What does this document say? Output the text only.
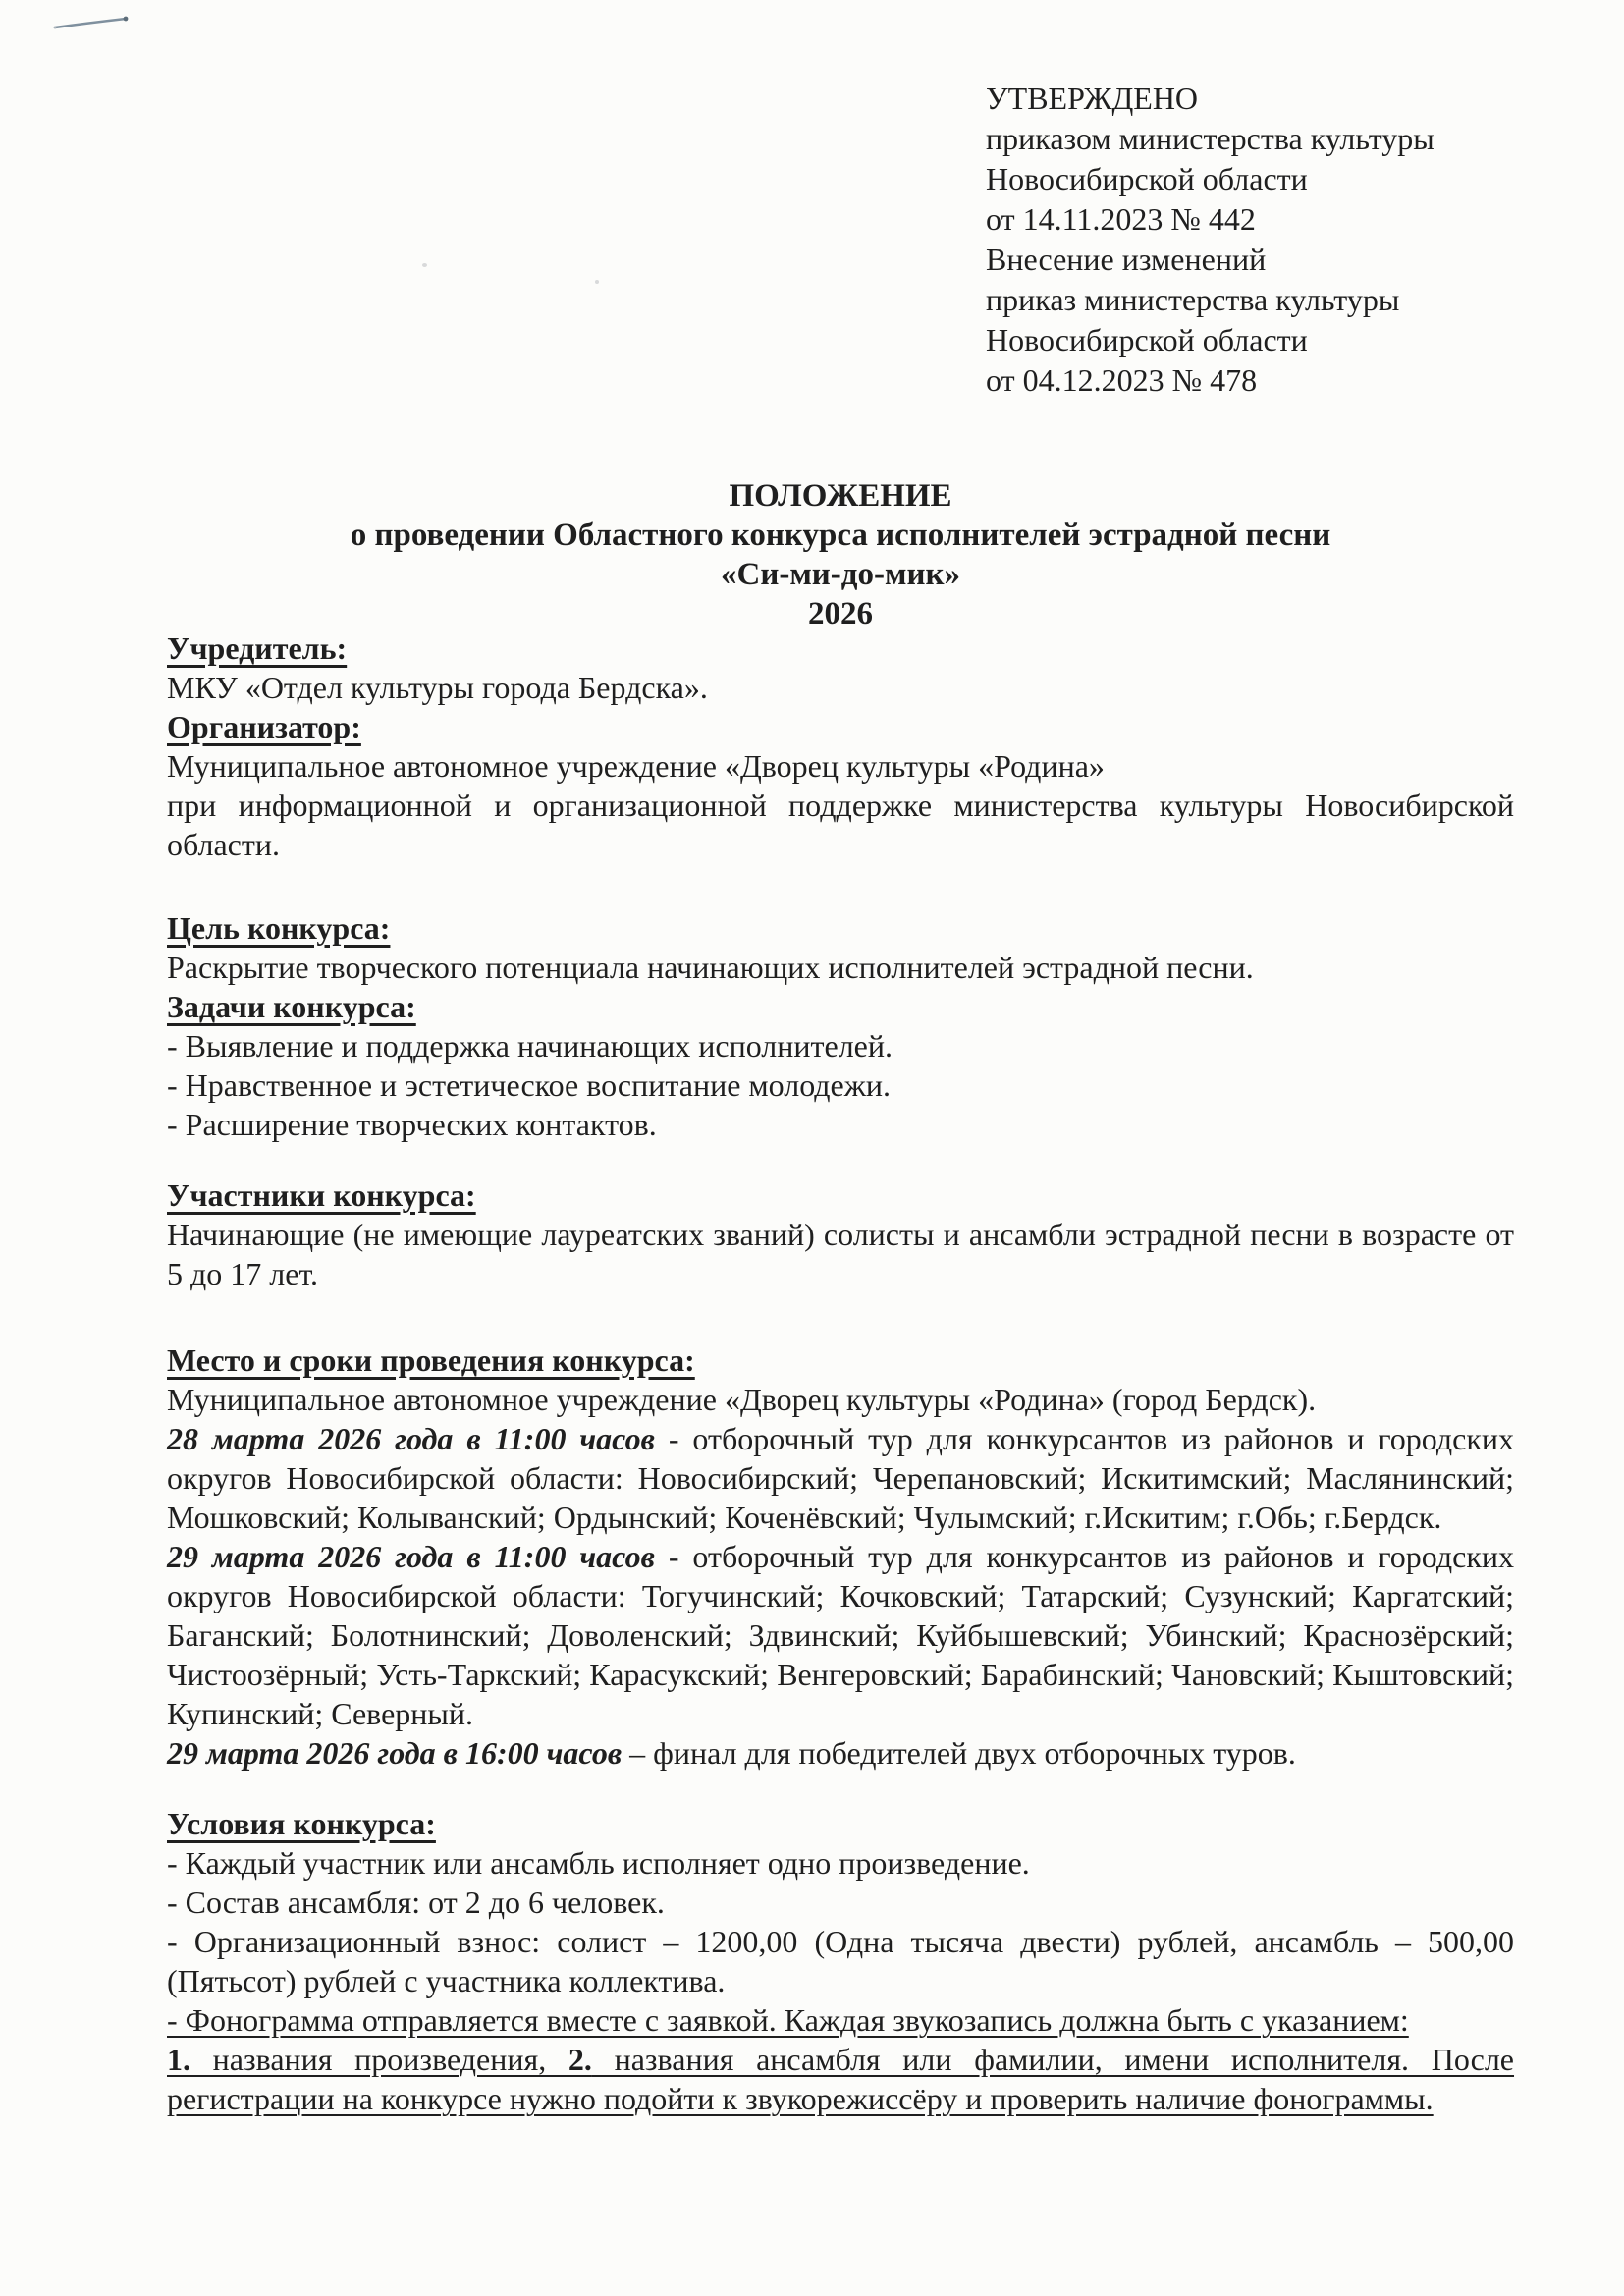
УТВЕРЖДЕНО
приказом министерства культуры
Новосибирской области
от 14.11.2023 № 442
Внесение изменений
приказ министерства культуры
Новосибирской области
от 04.12.2023 № 478
ПОЛОЖЕНИЕ
о проведении Областного конкурса исполнителей эстрадной песни
«Си-ми-до-мик»
2026

Учредитель:

МКУ «Отдел культуры города Бердска».

Организатор:

Муниципальное автономное учреждение «Дворец культуры «Родина»

при информационной и организационной поддержке министерства культуры Новосибирской области.

Цель конкурса:

Раскрытие творческого потенциала начинающих исполнителей эстрадной песни.

Задачи конкурса:

- Выявление и поддержка начинающих исполнителей.

- Нравственное и эстетическое воспитание молодежи.

- Расширение творческих контактов.

Участники конкурса:

Начинающие (не имеющие лауреатских званий) солисты и ансамбли эстрадной песни в возрасте от 5 до 17 лет.

Место и сроки проведения конкурса:

Муниципальное автономное учреждение «Дворец культуры «Родина» (город Бердск).

28 марта 2026 года в 11:00 часов - отборочный тур для конкурсантов из районов и городских округов Новосибирской области: Новосибирский; Черепановский; Искитимский; Маслянинский; Мошковский; Колыванский; Ордынский; Коченёвский; Чулымский; г.Искитим; г.Обь; г.Бердск.

29 марта 2026 года в 11:00 часов - отборочный тур для конкурсантов из районов и городских округов Новосибирской области: Тогучинский; Кочковский; Татарский; Сузунский; Каргатский; Баганский; Болотнинский; Доволенский; Здвинский; Куйбышевский; Убинский; Краснозёрский; Чистоозёрный; Усть-Таркский; Карасукский; Венгеровский; Барабинский; Чановский; Кыштовский; Купинский; Северный.

29 марта 2026 года в 16:00 часов – финал для победителей двух отборочных туров.

Условия конкурса:

- Каждый участник или ансамбль исполняет одно произведение.

- Состав ансамбля: от 2 до 6 человек.

- Организационный взнос: солист – 1200,00 (Одна тысяча двести) рублей, ансамбль – 500,00 (Пятьсот) рублей с участника коллектива.

- Фонограмма отправляется вместе с заявкой. Каждая звукозапись должна быть с указанием:

1. названия произведения, 2. названия ансамбля или фамилии, имени исполнителя. После регистрации на конкурсе нужно подойти к звукорежиссёру и проверить наличие фонограммы.
